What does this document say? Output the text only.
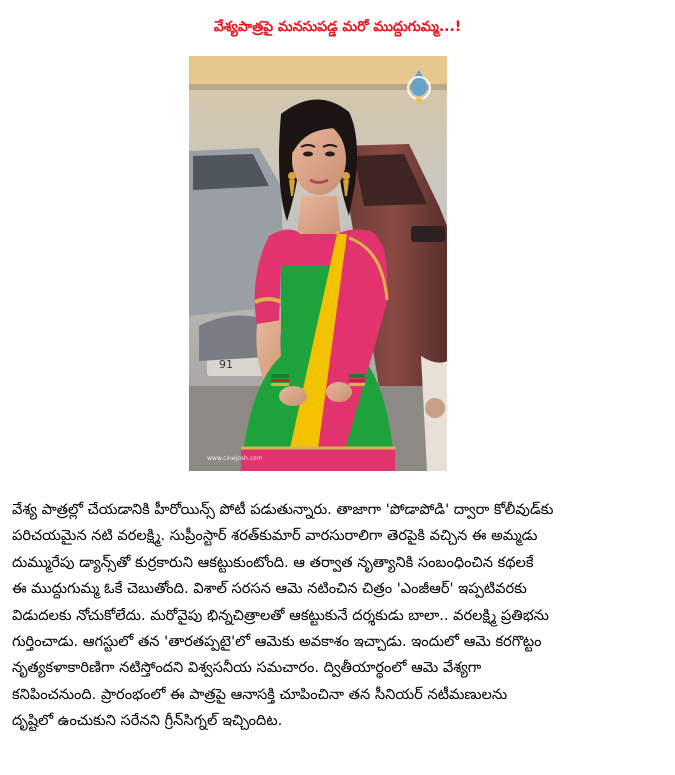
వేశ్యపాత్రపై మనసుపడ్డ మరో ముద్దుగుమ్మ...!
91
www.cinejosh.com
వేశ్య పాత్రల్లో చేయడానికి హీరోయిన్స్ పోటీ పడుతున్నారు. తాజాగా 'పోడాపోడి' ద్వారా కోలీవుడ్‌కు
పరిచయమైన నటి వరలక్ష్మి. సుప్రీంస్టార్ శరత్‌కుమార్ వారసురాలిగా తెరపైకి వచ్చిన ఈ అమ్మడు
దుమ్మురేపు డ్యాన్స్‌తో కుర్రకారుని ఆకట్టుకుంటోంది. ఆ తర్వాత నృత్యానికి సంబంధించిన కథలకే
ఈ ముద్దుగుమ్మ ఓకే చెబుతోంది. విశాల్ సరసన ఆమె నటించిన చిత్రం 'ఎంజీఆర్' ఇప్పటివరకు
విడుదలకు నోచుకోలేదు. మరోవైపు భిన్నచిత్రాలతో ఆకట్టుకునే దర్శకుడు బాలా.. వరలక్ష్మి ప్రతిభను
గుర్తించాడు. ఆగస్టులో తన 'తారతప్పటై'లో ఆమెకు అవకాశం ఇచ్చాడు. ఇందులో ఆమె కరగొట్టం
నృత్యకళాకారిణిగా నటిస్తోందని విశ్వసనీయ సమచారం. ద్వితీయార్థంలో ఆమె వేశ్యగా
కనిపించనుంది. ప్రారంభంలో ఈ పాత్రపై ఆనాసక్తి చూపించినా తన సీనియర్ నటీమణులను
దృష్టిలో ఉంచుకుని సరేనని గ్రీన్‌సిగ్నల్ ఇచ్చిందిట.
